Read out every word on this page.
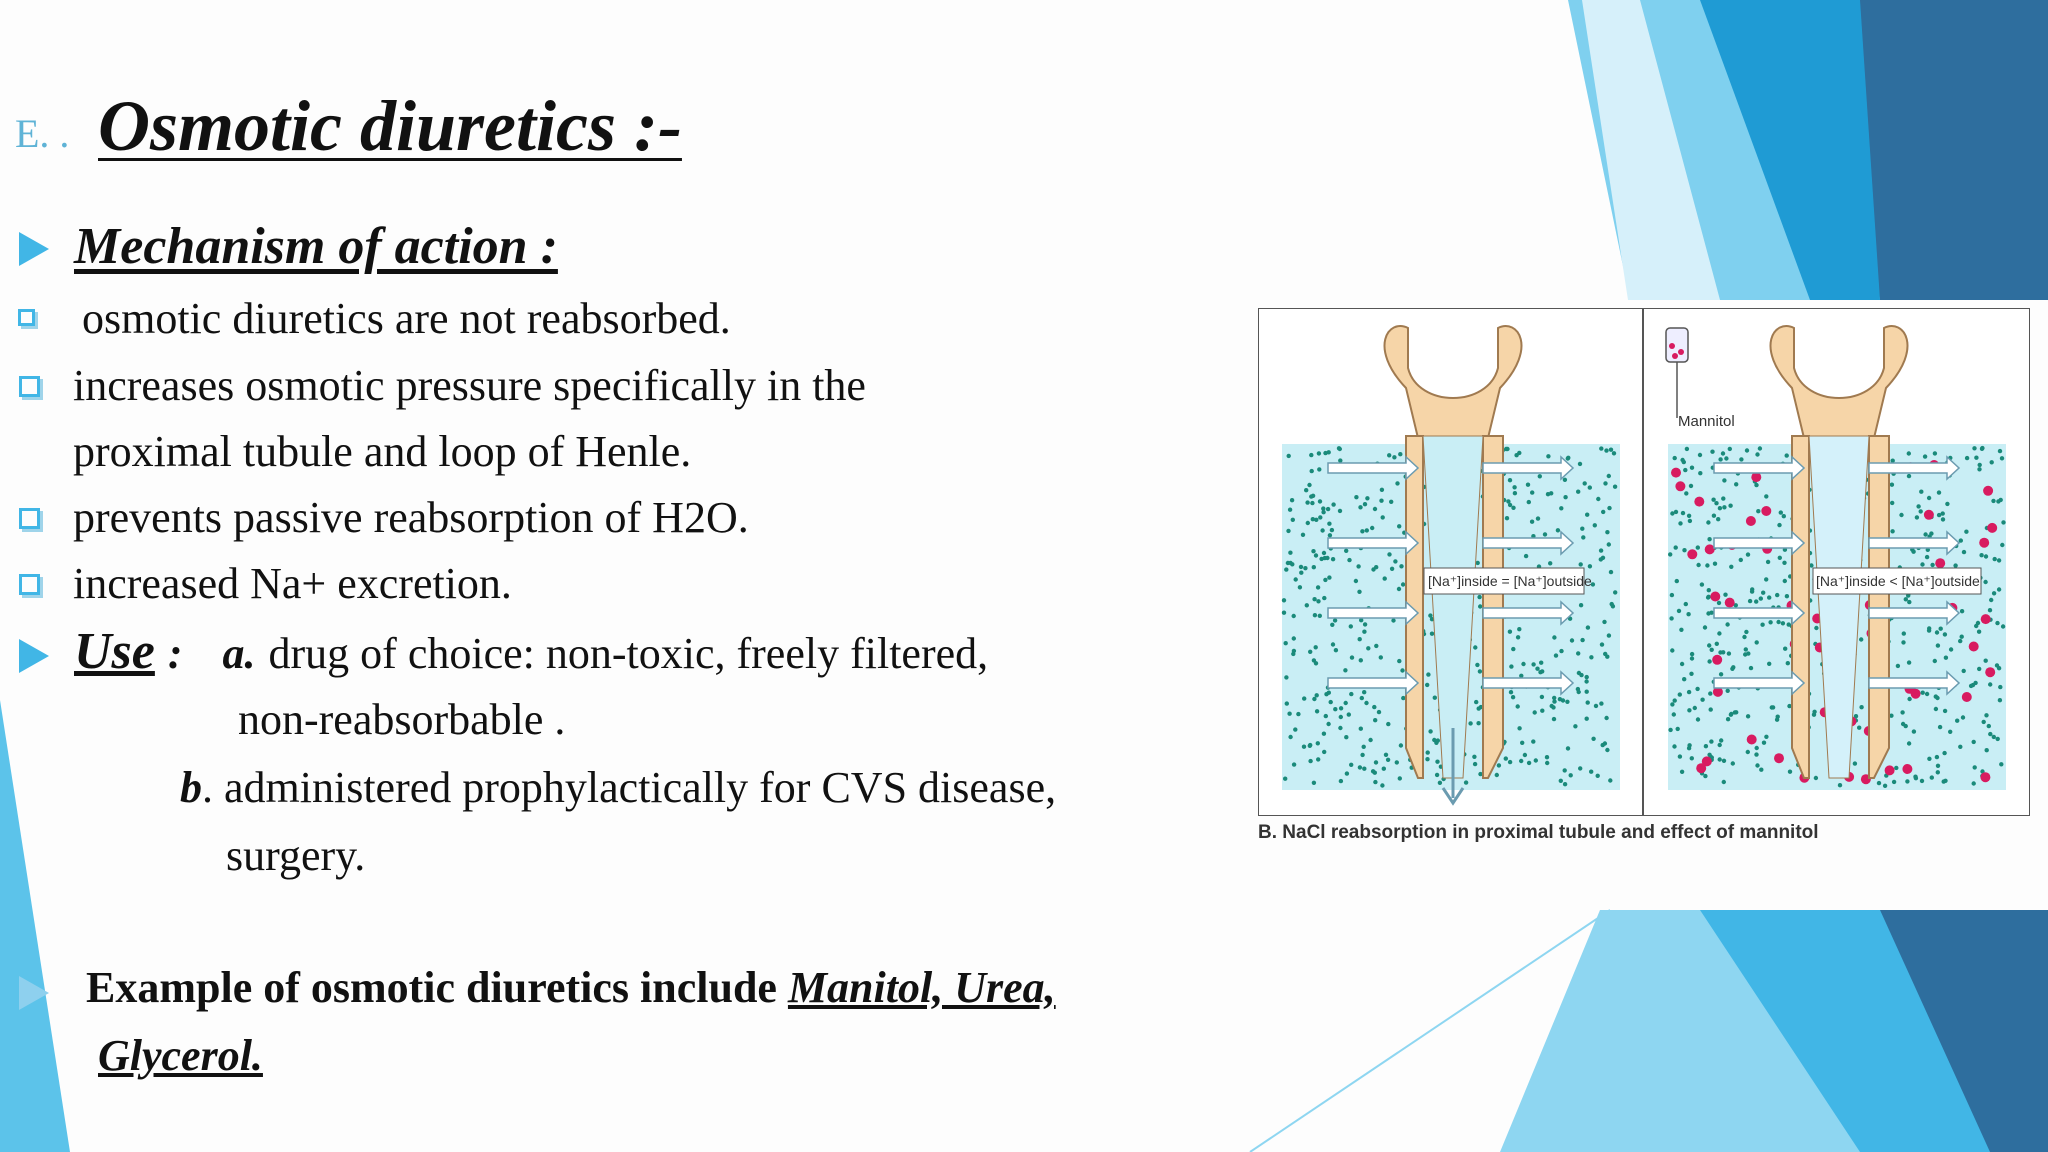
E. . Osmotic diuretics :-
Mechanism of action :
osmotic diuretics are not reabsorbed.
increases osmotic pressure specifically in the
proximal tubule and loop of Henle.
prevents passive reabsorption of H2O.
increased Na+ excretion.
Use : a. drug of choice: non-toxic, freely filtered,
non-reabsorbable .
b. administered prophylactically for CVS disease,
surgery.
Example of osmotic diuretics include Manitol, Urea,
Glycerol.
Mannitol
[Na⁺]inside = [Na⁺]outside	[Na⁺]inside < [Na⁺]outside
B. NaCl reabsorption in proximal tubule and effect of mannitol
